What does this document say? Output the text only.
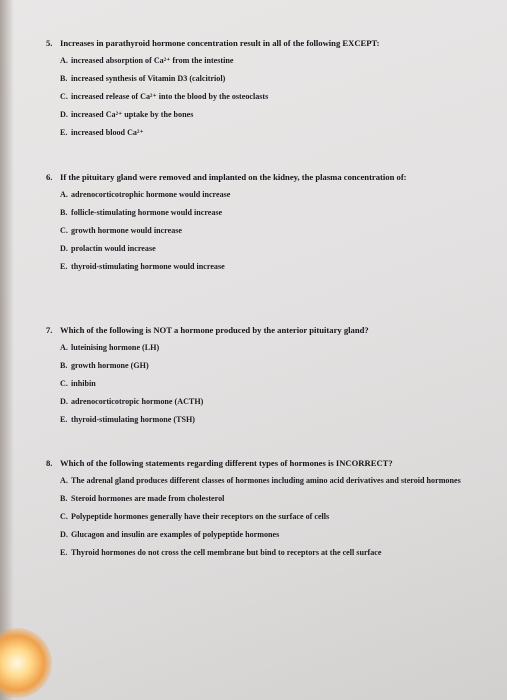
5. Increases in parathyroid hormone concentration result in all of the following EXCEPT:
A. increased absorption of Ca²⁺ from the intestine
B. increased synthesis of Vitamin D3 (calcitriol)
C. increased release of Ca²⁺ into the blood by the osteoclasts
D. increased Ca²⁺ uptake by the bones
E. increased blood Ca²⁺
6. If the pituitary gland were removed and implanted on the kidney, the plasma concentration of:
A. adrenocorticotrophic hormone would increase
B. follicle-stimulating hormone would increase
C. growth hormone would increase
D. prolactin would increase
E. thyroid-stimulating hormone would increase
7. Which of the following is NOT a hormone produced by the anterior pituitary gland?
A. luteinising hormone (LH)
B. growth hormone (GH)
C. inhibin
D. adrenocorticotropic hormone (ACTH)
E. thyroid-stimulating hormone (TSH)
8. Which of the following statements regarding different types of hormones is INCORRECT?
A. The adrenal gland produces different classes of hormones including amino acid derivatives and steroid hormones
B. Steroid hormones are made from cholesterol
C. Polypeptide hormones generally have their receptors on the surface of cells
D. Glucagon and insulin are examples of polypeptide hormones
E. Thyroid hormones do not cross the cell membrane but bind to receptors at the cell surface
